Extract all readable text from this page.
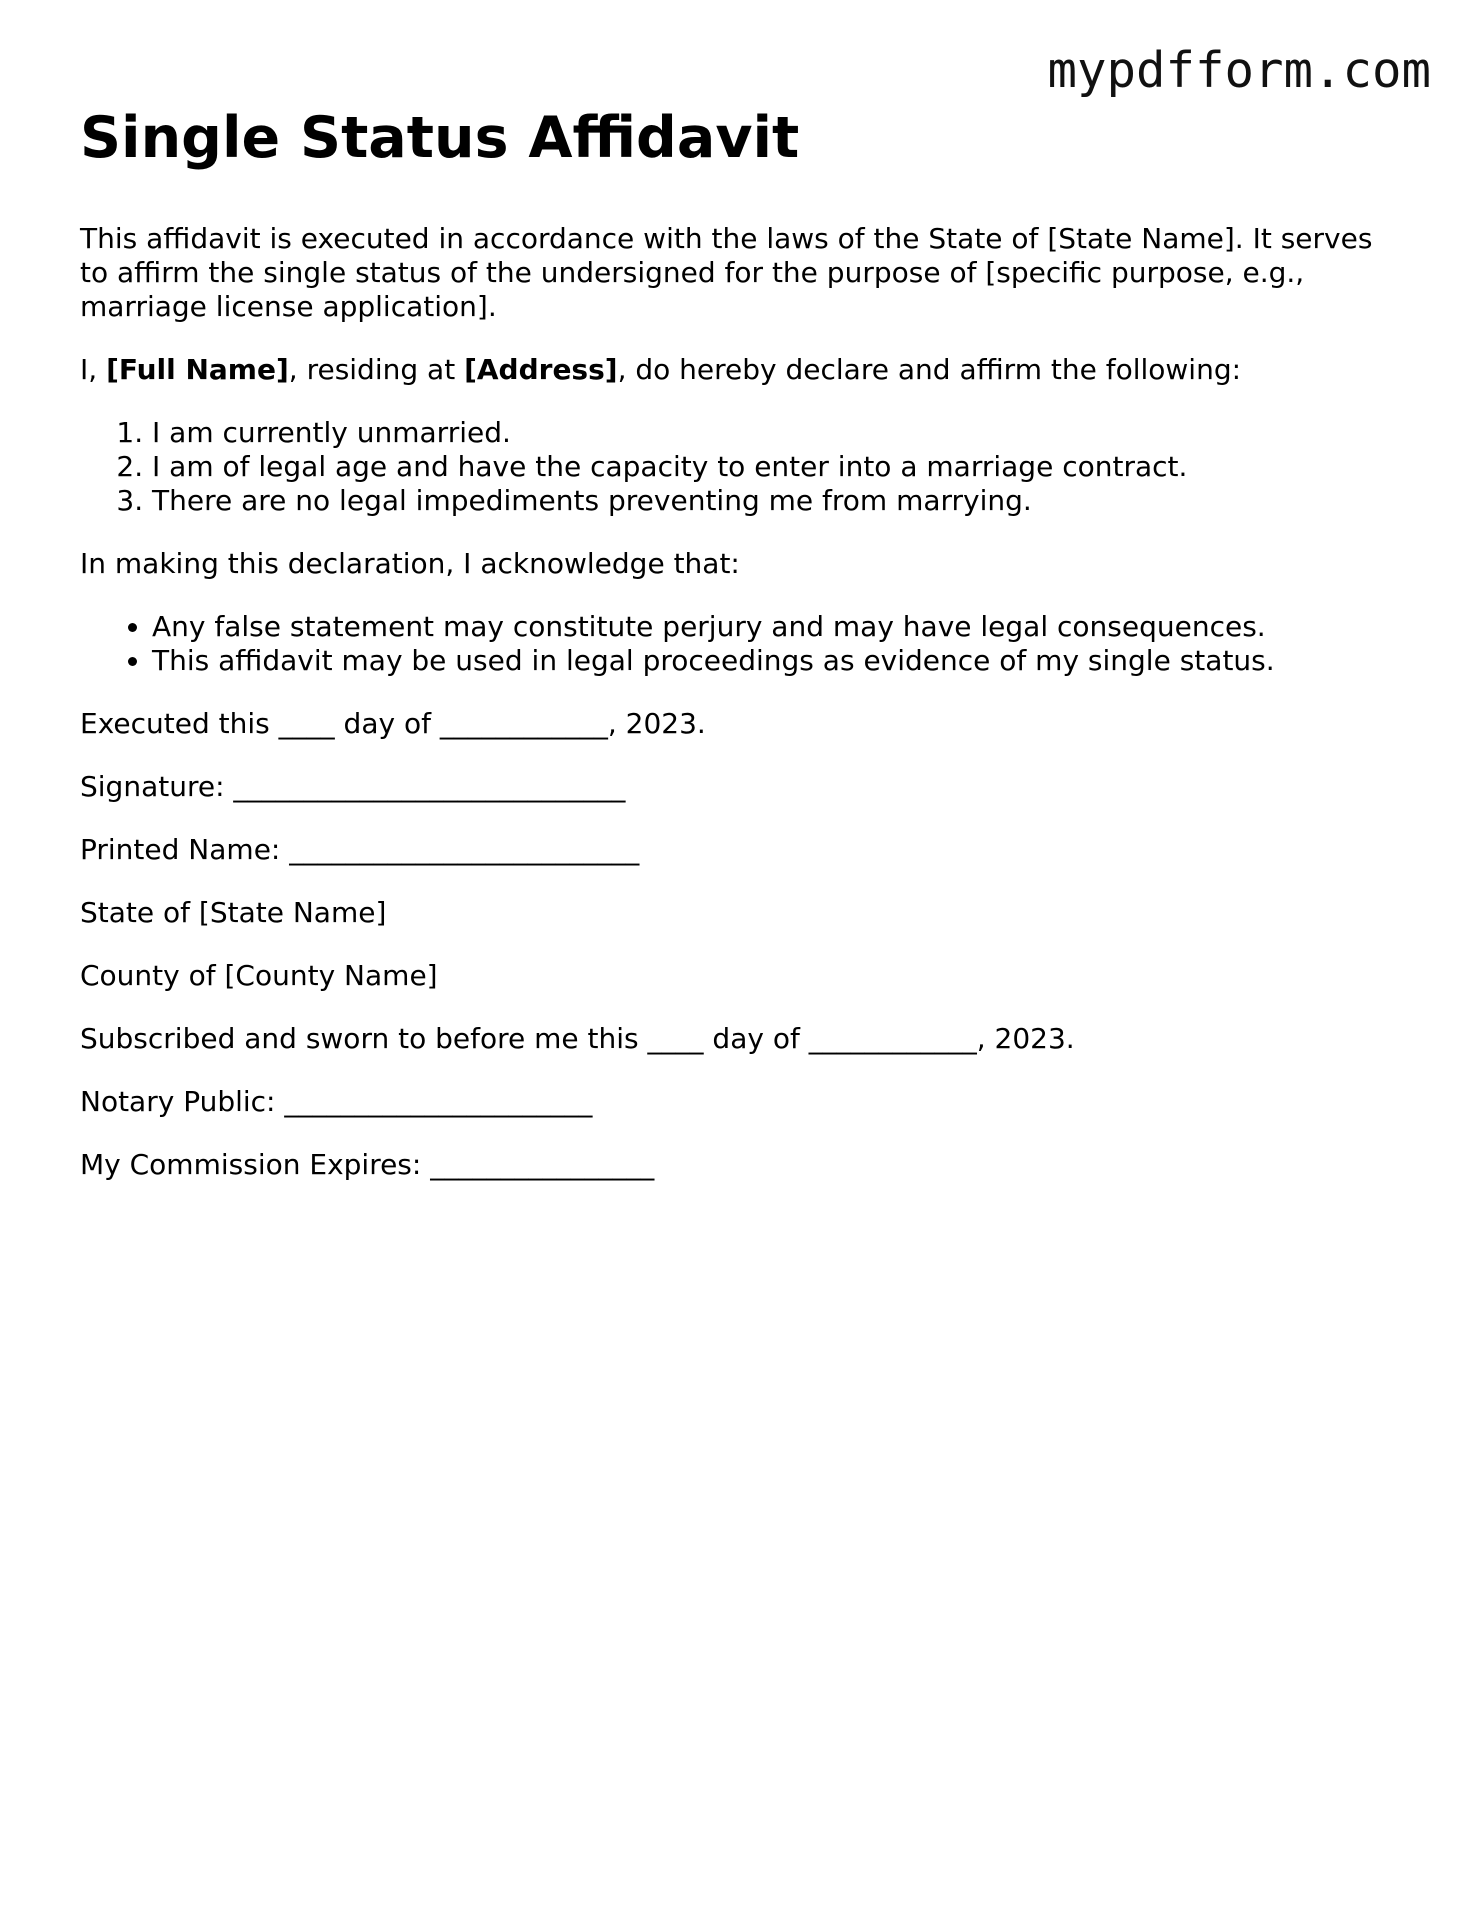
mypdfform.com
Single Status Affidavit

This affidavit is executed in accordance with the laws of the State of [State Name]. It serves to affirm the single status of the undersigned for the purpose of [specific purpose, e.g., marriage license application].

I, [Full Name], residing at [Address], do hereby declare and affirm the following:

1. I am currently unmarried.
2. I am of legal age and have the capacity to enter into a marriage contract.
3. There are no legal impediments preventing me from marrying.

In making this declaration, I acknowledge that:

• Any false statement may constitute perjury and may have legal consequences.
• This affidavit may be used in legal proceedings as evidence of my single status.

Executed this ____ day of ____________, 2023.

Signature: ____________________________

Printed Name: _________________________

State of [State Name]

County of [County Name]

Subscribed and sworn to before me this ____ day of ____________, 2023.

Notary Public: ______________________

My Commission Expires: ________________
